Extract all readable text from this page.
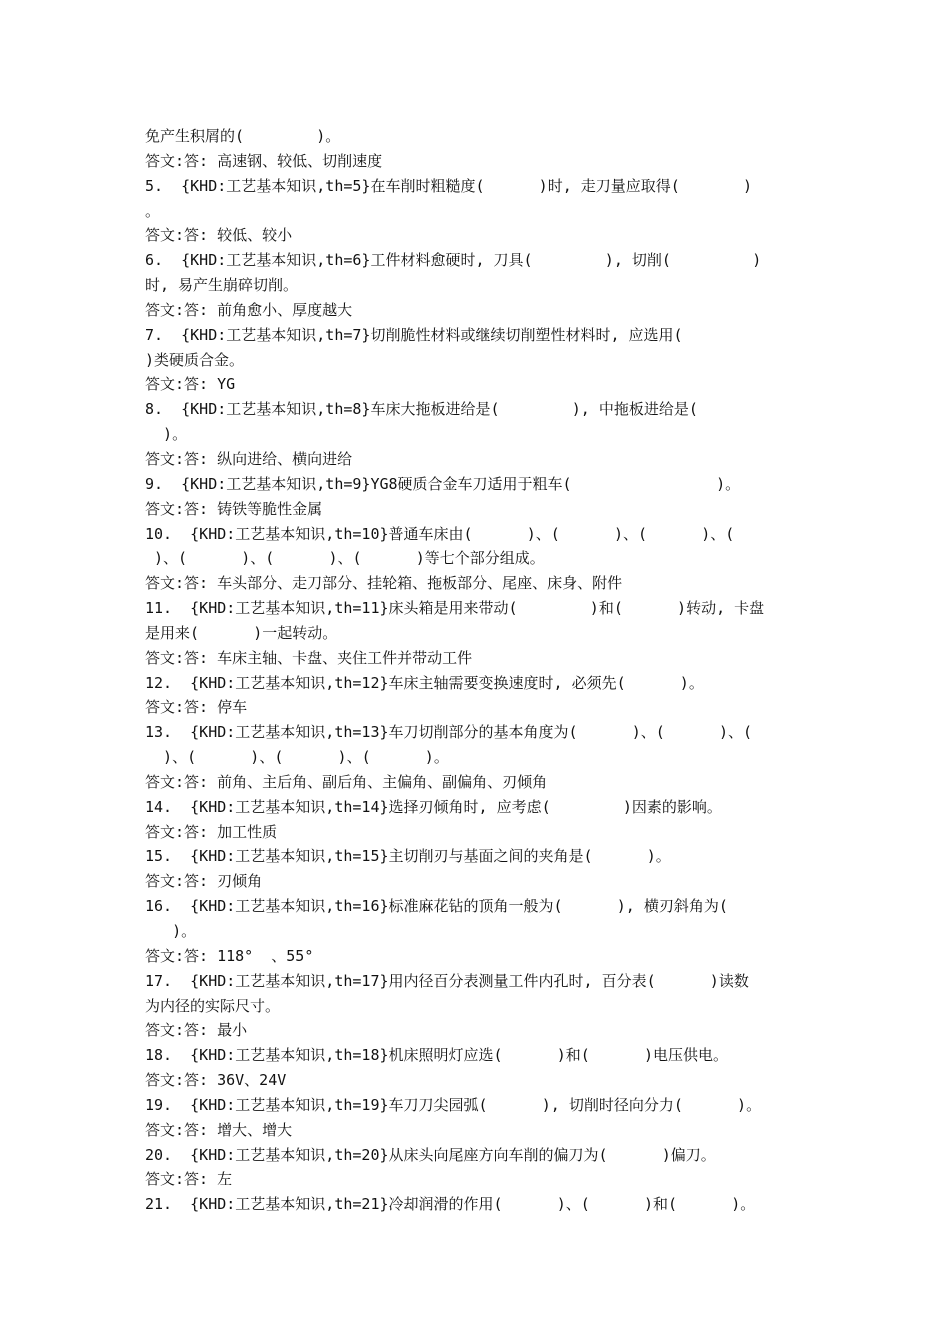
免产生积屑的(        )。
答文:答: 高速钢、较低、切削速度
5.  {KHD:工艺基本知识,th=5}在车削时粗糙度(      )时, 走刀量应取得(       )
。
答文:答: 较低、较小
6.  {KHD:工艺基本知识,th=6}工件材料愈硬时, 刀具(        ), 切削(         )
时, 易产生崩碎切削。
答文:答: 前角愈小、厚度越大
7.  {KHD:工艺基本知识,th=7}切削脆性材料或继续切削塑性材料时, 应选用(
)类硬质合金。
答文:答: YG
8.  {KHD:工艺基本知识,th=8}车床大拖板进给是(        ), 中拖板进给是(
)。
答文:答: 纵向进给、横向进给
9.  {KHD:工艺基本知识,th=9}YG8硬质合金车刀适用于粗车(                )。
答文:答: 铸铁等脆性金属
10.  {KHD:工艺基本知识,th=10}普通车床由(      )、(      )、(      )、(
)、(      )、(      )、(      )等七个部分组成。
答文:答: 车头部分、走刀部分、挂轮箱、拖板部分、尾座、床身、附件
11.  {KHD:工艺基本知识,th=11}床头箱是用来带动(        )和(      )转动, 卡盘
是用来(      )一起转动。
答文:答: 车床主轴、卡盘、夹住工件并带动工件
12.  {KHD:工艺基本知识,th=12}车床主轴需要变换速度时, 必须先(      )。
答文:答: 停车
13.  {KHD:工艺基本知识,th=13}车刀切削部分的基本角度为(      )、(      )、(
)、(      )、(      )、(      )。
答文:答: 前角、主后角、副后角、主偏角、副偏角、刃倾角
14.  {KHD:工艺基本知识,th=14}选择刃倾角时, 应考虑(        )因素的影响。
答文:答: 加工性质
15.  {KHD:工艺基本知识,th=15}主切削刃与基面之间的夹角是(      )。
答文:答: 刃倾角
16.  {KHD:工艺基本知识,th=16}标准麻花钻的顶角一般为(      ), 横刃斜角为(
)。
答文:答: 118°  、55°
17.  {KHD:工艺基本知识,th=17}用内径百分表测量工件内孔时, 百分表(      )读数
为内径的实际尺寸。
答文:答: 最小
18.  {KHD:工艺基本知识,th=18}机床照明灯应选(      )和(      )电压供电。
答文:答: 36V、24V
19.  {KHD:工艺基本知识,th=19}车刀刀尖园弧(      ), 切削时径向分力(      )。
答文:答: 增大、增大
20.  {KHD:工艺基本知识,th=20}从床头向尾座方向车削的偏刀为(      )偏刀。
答文:答: 左
21.  {KHD:工艺基本知识,th=21}冷却润滑的作用(      )、(      )和(      )。
